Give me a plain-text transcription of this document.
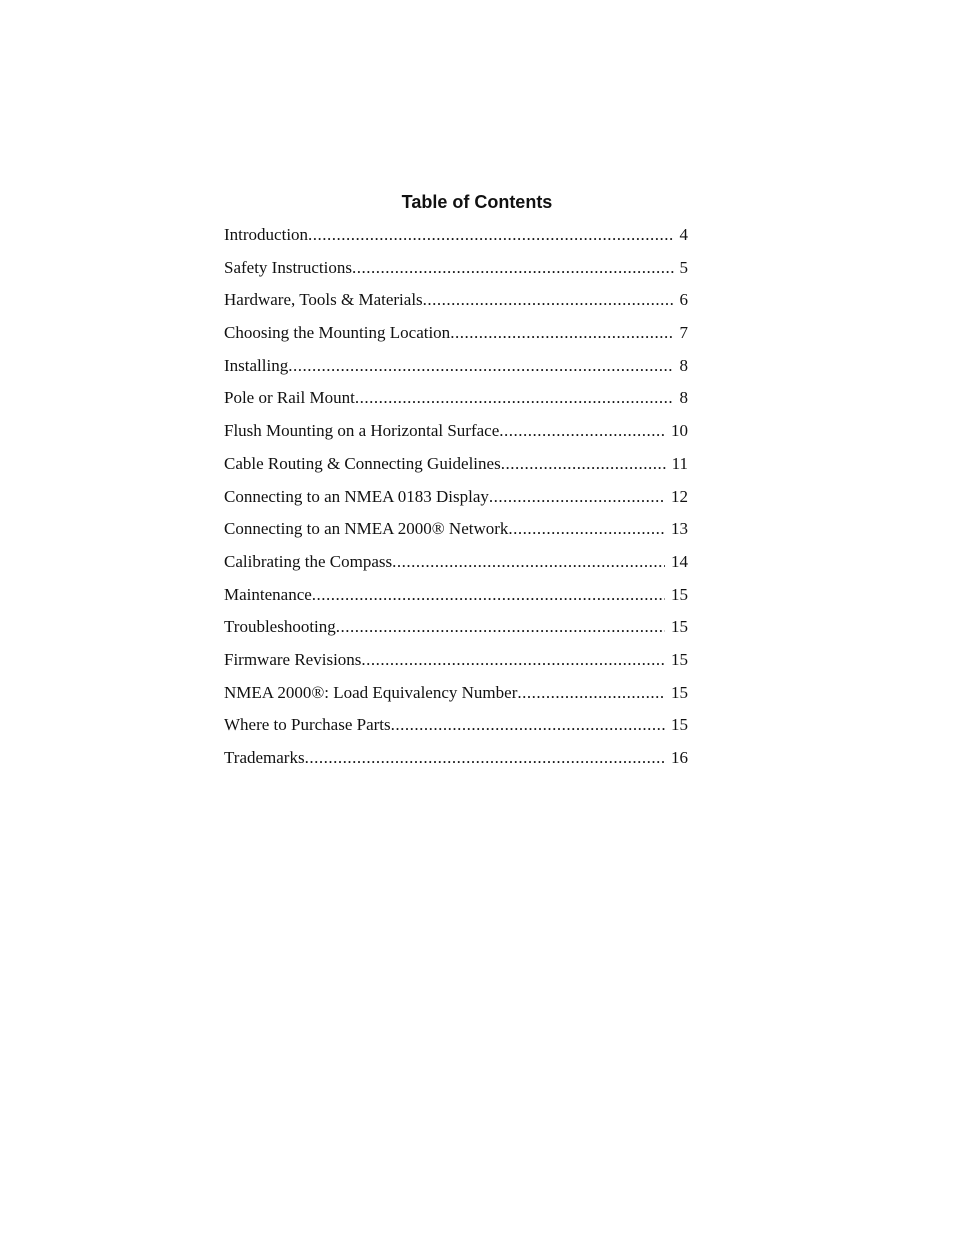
Table of Contents
Introduction .....	4
Safety Instructions .....	5
Hardware, Tools & Materials .....	6
Choosing the Mounting Location .....	7
Installing .....	8
Pole or Rail Mount .....	8
Flush Mounting on a Horizontal Surface .....	10
Cable Routing & Connecting Guidelines .....	11
Connecting to an NMEA 0183 Display .....	12
Connecting to an NMEA 2000® Network .....	13
Calibrating the Compass .....	14
Maintenance .....	15
Troubleshooting .....	15
Firmware Revisions .....	15
NMEA 2000®: Load Equivalency Number .....	15
Where to Purchase Parts .....	15
Trademarks .....	16
